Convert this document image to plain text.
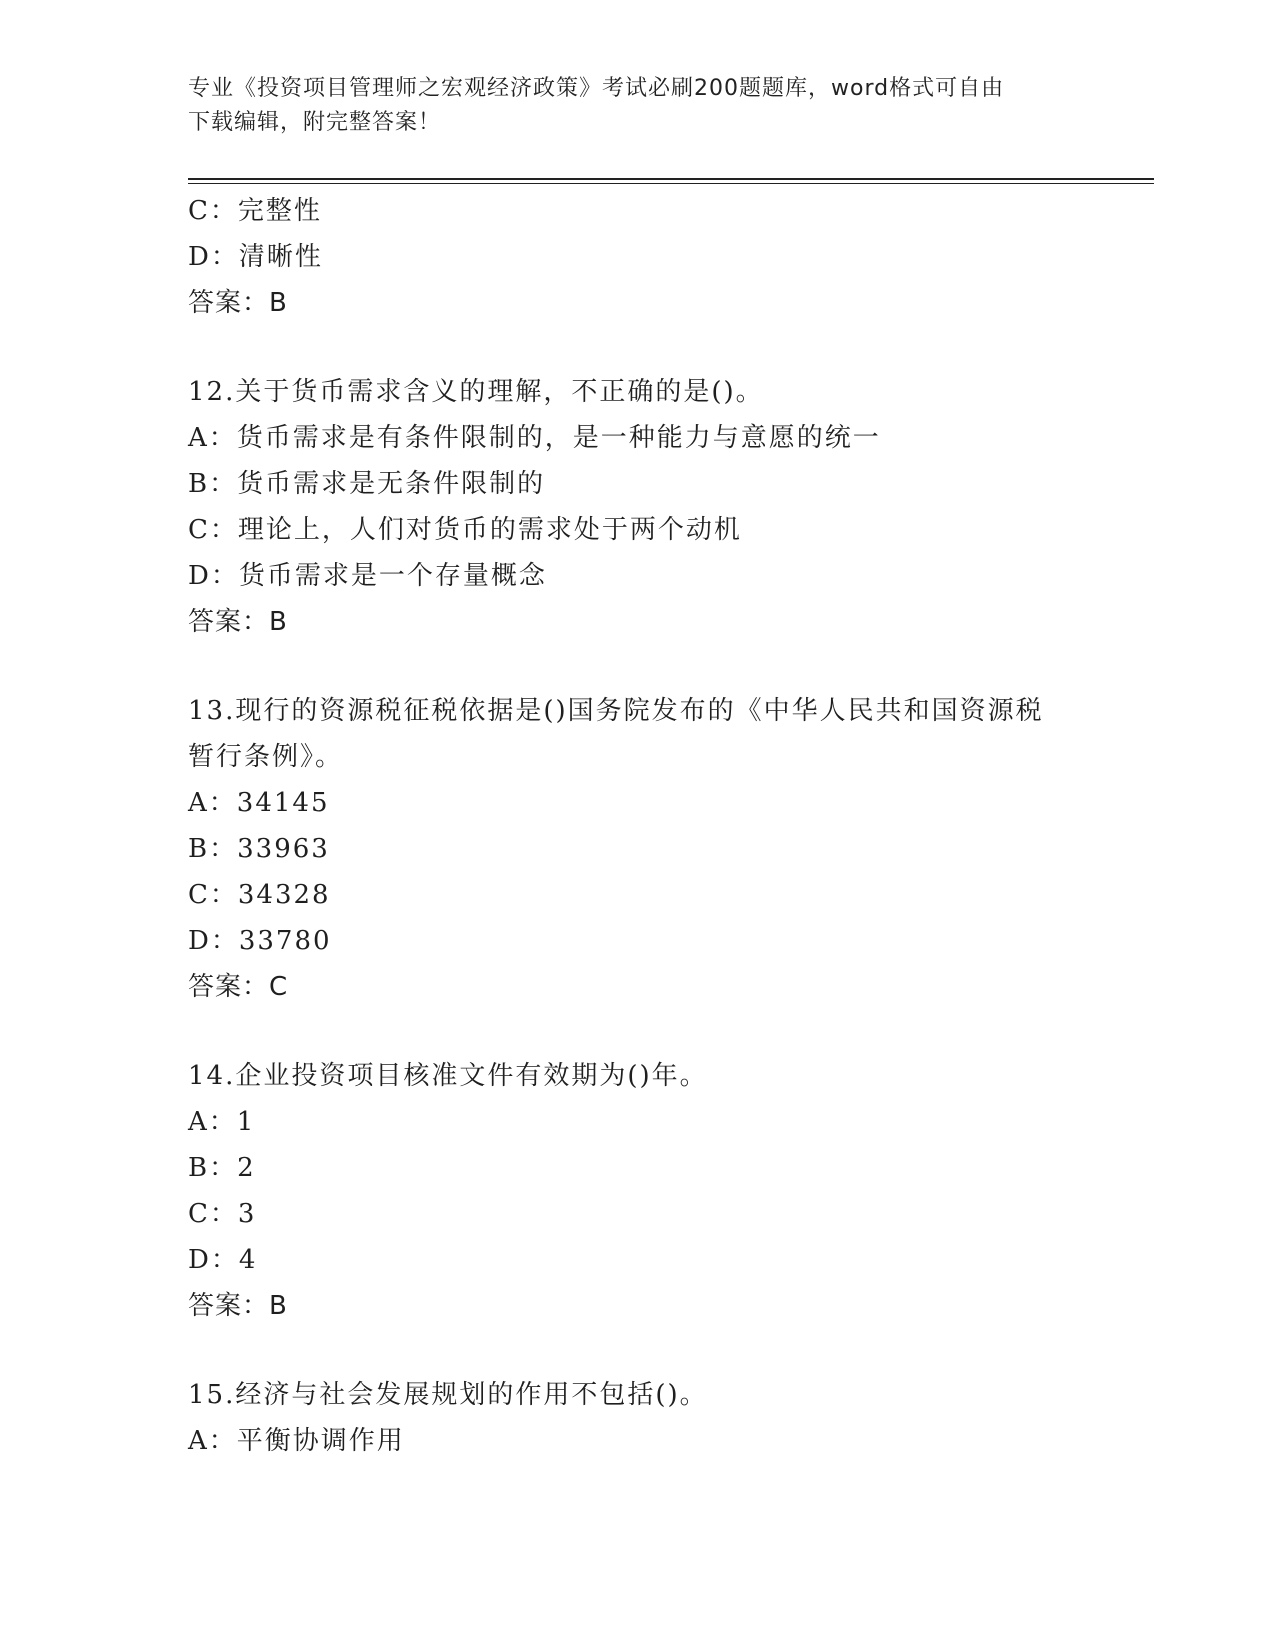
专业《投资项目管理师之宏观经济政策》考试必刷200题题库，word格式可自由
下载编辑，附完整答案！
C：完整性
D：清晰性
答案：B
12.关于货币需求含义的理解，不正确的是()。
A：货币需求是有条件限制的，是一种能力与意愿的统一
B：货币需求是无条件限制的
C：理论上，人们对货币的需求处于两个动机
D：货币需求是一个存量概念
答案：B
13.现行的资源税征税依据是()国务院发布的《中华人民共和国资源税
暂行条例》。
A：34145
B：33963
C：34328
D：33780
答案：C
14.企业投资项目核准文件有效期为()年。
A：1
B：2
C：3
D：4
答案：B
15.经济与社会发展规划的作用不包括()。
A：平衡协调作用
